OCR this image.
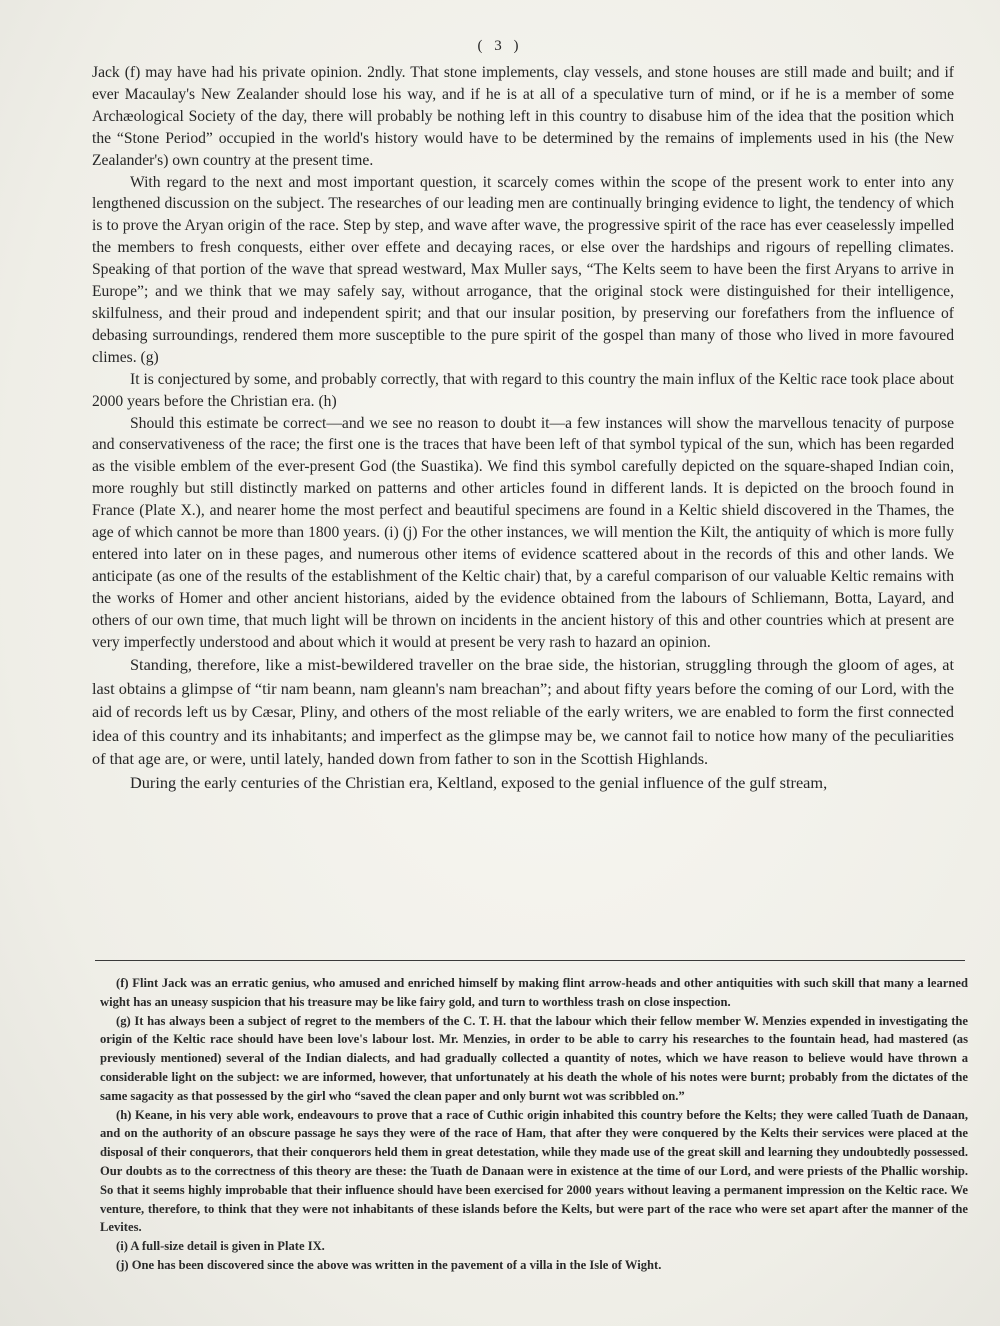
( 3 )

Jack (f) may have had his private opinion. 2ndly. That stone implements, clay vessels, and stone houses are still made and built; and if ever Macaulay's New Zealander should lose his way, and if he is at all of a speculative turn of mind, or if he is a member of some Archæological Society of the day, there will probably be nothing left in this country to disabuse him of the idea that the position which the “Stone Period” occupied in the world's history would have to be determined by the remains of implements used in his (the New Zealander's) own country at the present time.

With regard to the next and most important question, it scarcely comes within the scope of the present work to enter into any lengthened discussion on the subject. The researches of our leading men are continually bringing evidence to light, the tendency of which is to prove the Aryan origin of the race. Step by step, and wave after wave, the progressive spirit of the race has ever ceaselessly impelled the members to fresh conquests, either over effete and decaying races, or else over the hardships and rigours of repelling climates. Speaking of that portion of the wave that spread westward, Max Muller says, “The Kelts seem to have been the first Aryans to arrive in Europe”; and we think that we may safely say, without arrogance, that the original stock were distinguished for their intelligence, skilfulness, and their proud and independent spirit; and that our insular position, by preserving our forefathers from the influence of debasing surroundings, rendered them more susceptible to the pure spirit of the gospel than many of those who lived in more favoured climes. (g)

It is conjectured by some, and probably correctly, that with regard to this country the main influx of the Keltic race took place about 2000 years before the Christian era. (h)

Should this estimate be correct—and we see no reason to doubt it—a few instances will show the marvellous tenacity of purpose and conservativeness of the race; the first one is the traces that have been left of that symbol typical of the sun, which has been regarded as the visible emblem of the ever-present God (the Suastika). We find this symbol carefully depicted on the square-shaped Indian coin, more roughly but still distinctly marked on patterns and other articles found in different lands. It is depicted on the brooch found in France (Plate X.), and nearer home the most perfect and beautiful specimens are found in a Keltic shield discovered in the Thames, the age of which cannot be more than 1800 years. (i) (j) For the other instances, we will mention the Kilt, the antiquity of which is more fully entered into later on in these pages, and numerous other items of evidence scattered about in the records of this and other lands. We anticipate (as one of the results of the establishment of the Keltic chair) that, by a careful comparison of our valuable Keltic remains with the works of Homer and other ancient historians, aided by the evidence obtained from the labours of Schliemann, Botta, Layard, and others of our own time, that much light will be thrown on incidents in the ancient history of this and other countries which at present are very imperfectly understood and about which it would at present be very rash to hazard an opinion.

Standing, therefore, like a mist-bewildered traveller on the brae side, the historian, struggling through the gloom of ages, at last obtains a glimpse of “tir nam beann, nam gleann's nam breachan”; and about fifty years before the coming of our Lord, with the aid of records left us by Cæsar, Pliny, and others of the most reliable of the early writers, we are enabled to form the first connected idea of this country and its inhabitants; and imperfect as the glimpse may be, we cannot fail to notice how many of the peculiarities of that age are, or were, until lately, handed down from father to son in the Scottish Highlands.

During the early centuries of the Christian era, Keltland, exposed to the genial influence of the gulf stream,

(f) Flint Jack was an erratic genius, who amused and enriched himself by making flint arrow-heads and other antiquities with such skill that many a learned wight has an uneasy suspicion that his treasure may be like fairy gold, and turn to worthless trash on close inspection.

(g) It has always been a subject of regret to the members of the C. T. H. that the labour which their fellow member W. Menzies expended in investigating the origin of the Keltic race should have been love's labour lost. Mr. Menzies, in order to be able to carry his researches to the fountain head, had mastered (as previously mentioned) several of the Indian dialects, and had gradually collected a quantity of notes, which we have reason to believe would have thrown a considerable light on the subject: we are informed, however, that unfortunately at his death the whole of his notes were burnt; probably from the dictates of the same sagacity as that possessed by the girl who “saved the clean paper and only burnt wot was scribbled on.”

(h) Keane, in his very able work, endeavours to prove that a race of Cuthic origin inhabited this country before the Kelts; they were called Tuath de Danaan, and on the authority of an obscure passage he says they were of the race of Ham, that after they were conquered by the Kelts their services were placed at the disposal of their conquerors, that their conquerors held them in great detestation, while they made use of the great skill and learning they undoubtedly possessed. Our doubts as to the correctness of this theory are these: the Tuath de Danaan were in existence at the time of our Lord, and were priests of the Phallic worship. So that it seems highly improbable that their influence should have been exercised for 2000 years without leaving a permanent impression on the Keltic race. We venture, therefore, to think that they were not inhabitants of these islands before the Kelts, but were part of the race who were set apart after the manner of the Levites.

(i) A full-size detail is given in Plate IX.

(j) One has been discovered since the above was written in the pavement of a villa in the Isle of Wight.
